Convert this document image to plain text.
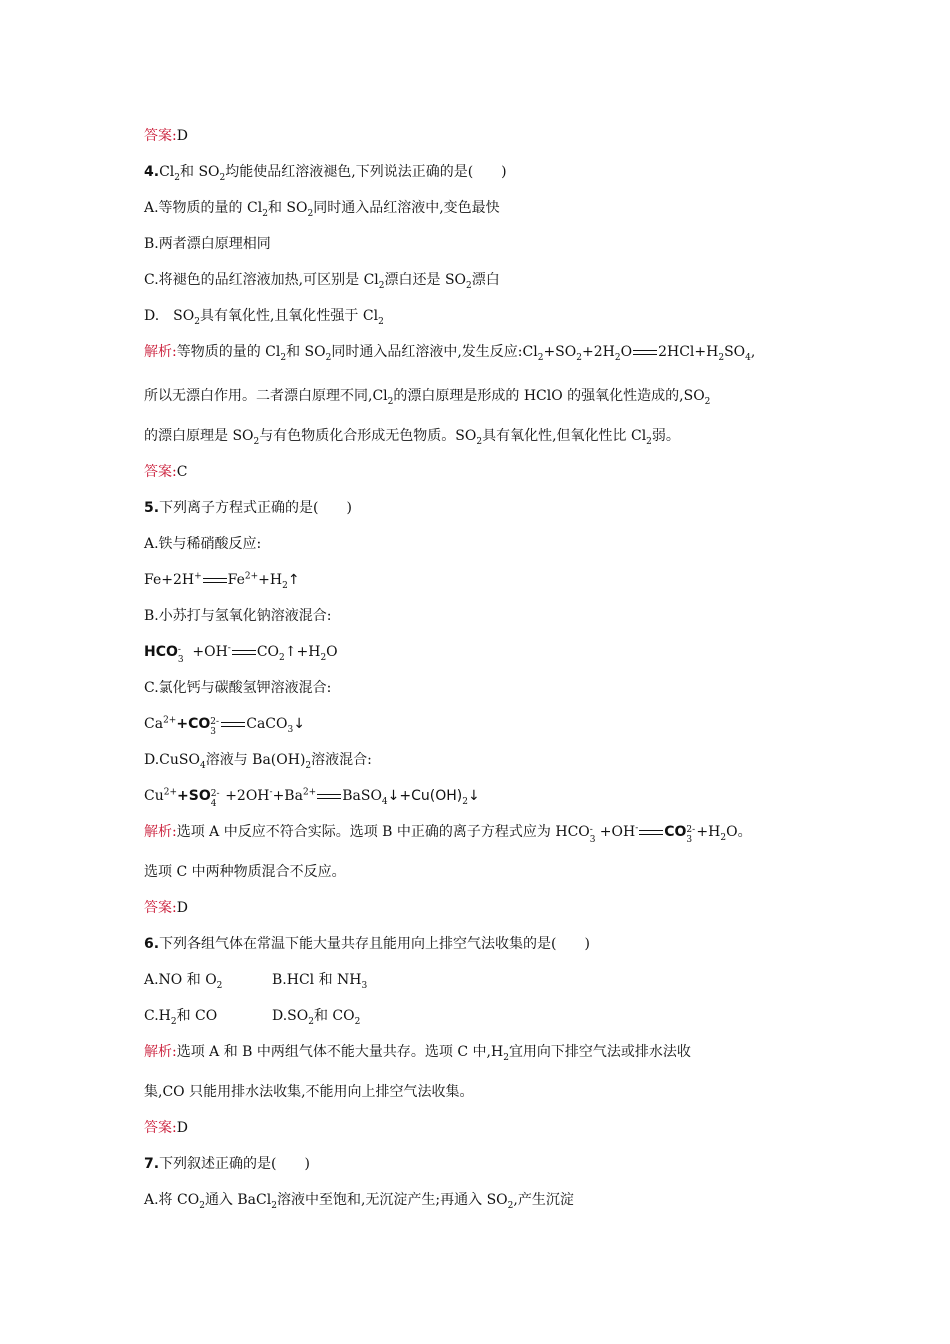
答案:D
$4.Cl_2$和 $SO_2$均能使品红溶液褪色,下列说法正确的是(　　)
A.等物质的量的 $Cl_2$和 $SO_2$同时通入品红溶液中,变色最快
B.两者漂白原理相同
C.将褪色的品红溶液加热,可区别是 $Cl_2$漂白还是 $SO_2$漂白
D.　$SO_2$具有氧化性,且氧化性强于 $Cl_2$
解析:等物质的量的 $Cl_2$和 $SO_2$同时通入品红溶液中,发生反应$:Cl_2+SO_2+2H_2O$ $2HCl+H_2SO_4$,
所以无漂白作用。二者漂白原理不同$,Cl_2$的漂白原理是形成的 HClO 的强氧化性造成的$,SO_2$
的漂白原理是 $SO_2$与有色物质化合形成无色物质。$SO_2$具有氧化性,但氧化性比 $Cl_2$弱。
答案:C
5.下列离子方程式正确的是(　　)
A.铁与稀硝酸反应:
Fe+2H+ $Fe^{2+}+H_2↑$
B.小苏打与氢氧化钠溶液混合:
HCO -
3 +OH- $CO_2↑+H_2O$
C.氯化钙与碳酸氢钾溶液混合:
$Ca^{2+}+CO$ 2-
3 CaCO$_3$↓
D.CuSO$_4$溶液与 $Ba(OH)_2$溶液混合:
$Cu^{2+}+SO$ 2-
$4 +2OH^-+Ba^{2+}$ $BaSO_4↓+Cu(OH)_2↓$
解析:选项 A 中反应不符合实际。选项 B 中正确的离子方程式应为 HCO -
3 +OH- CO 2-
$3 +H_2O$。
选项 C 中两种物质混合不反应。
答案:D
6.下列各组气体在常温下能大量共存且能用向上排空气法收集的是(　　)
A.NO 和 $O_2$	B.HCl 和 $NH_3$
$C.H_2$和 CO	$D.SO_2$和 $CO_2$
解析:选项 A 和 B 中两组气体不能大量共存。选项 C 中$,H_2$宜用向下排空气法或排水法收
集,CO 只能用排水法收集,不能用向上排空气法收集。
答案:D
7.下列叙述正确的是(　　)
A.将 $CO_2$通入 BaCl$_2$溶液中至饱和,无沉淀产生;再通入 $SO_2$,产生沉淀
